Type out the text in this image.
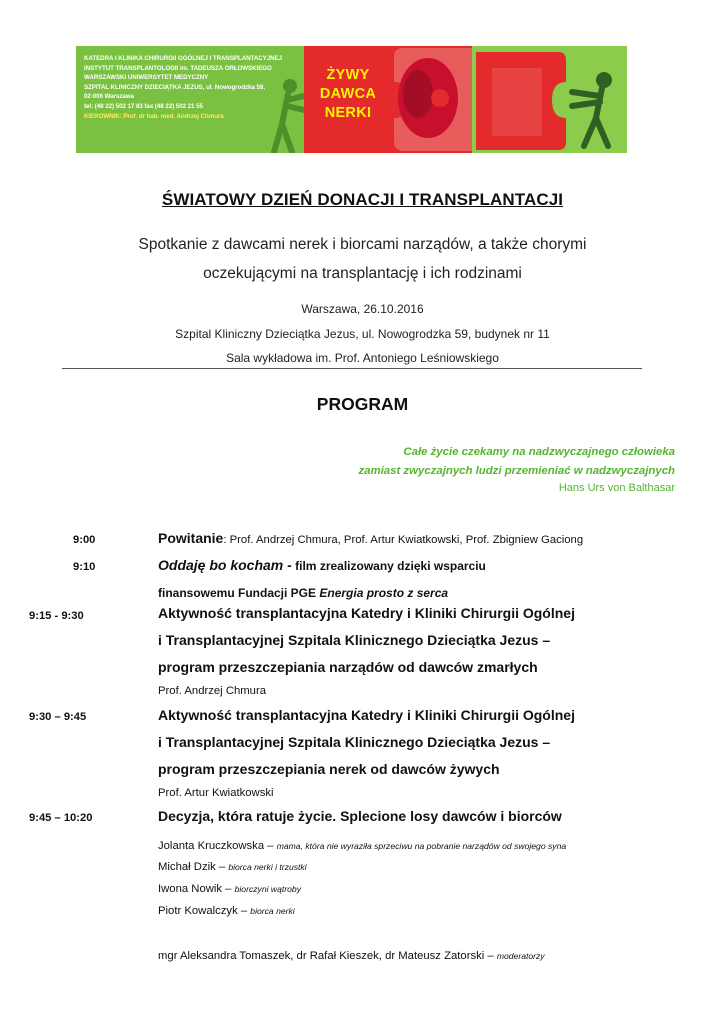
KATEDRA I KLINIKA CHIRURGII OGÓLNEJ I TRANSPLANTACYJNEJ
INSTYTUT TRANSPLANTOLOGII im. TADEUSZA ORŁOWSKIEGO
WARSZAWSKI UNIWERSYTET MEDYCZNY
SZPITAL KLINICZNY DZIECIĄTKA JEZUS, ul. Nowogrodzka 59,
02-006 Warszawa
tel: (48 22) 502 17 83 fax (48 22) 502 21 55
KIEROWNIK: Prof. dr hab. med. Andrzej Chmura
ŻYWY
DAWCA
NERKI
ŚWIATOWY DZIEŃ DONACJI I TRANSPLANTACJI
Spotkanie z dawcami nerek i biorcami narządów, a także chorymi
oczekującymi na transplantację i ich rodzinami
Warszawa, 26.10.2016
Szpital Kliniczny Dzieciątka Jezus, ul. Nowogrodzka 59, budynek nr 11
Sala wykładowa im. Prof. Antoniego Leśniowskiego
PROGRAM
Całe życie czekamy na nadzwyczajnego człowieka
zamiast zwyczajnych ludzi przemieniać w nadzwyczajnych
Hans Urs von Balthasar
9:00	Powitanie: Prof. Andrzej Chmura, Prof. Artur Kwiatkowski, Prof. Zbigniew Gaciong
9:10	Oddaję bo kocham - film zrealizowany dzięki wsparciu
finansowemu Fundacji PGE Energia prosto z serca
9:15 - 9:30	Aktywność transplantacyjna Katedry i Kliniki Chirurgii Ogólnej
i Transplantacyjnej Szpitala Klinicznego Dzieciątka Jezus –
program przeszczepiania narządów od dawców zmarłych
Prof. Andrzej Chmura
9:30 – 9:45	Aktywność transplantacyjna Katedry i Kliniki Chirurgii Ogólnej
i Transplantacyjnej Szpitala Klinicznego Dzieciątka Jezus –
program przeszczepiania nerek od dawców żywych
Prof. Artur Kwiatkowski
9:45 – 10:20	Decyzja, która ratuje życie. Splecione losy dawców i biorców
Jolanta Kruczkowska – mama, która nie wyraziła sprzeciwu na pobranie narządów od swojego syna
Michał Dzik – biorca nerki i trzustki
Iwona Nowik – biorczyni wątroby
Piotr Kowalczyk – biorca nerki
mgr Aleksandra Tomaszek, dr Rafał Kieszek, dr Mateusz Zatorski – moderatorzy
